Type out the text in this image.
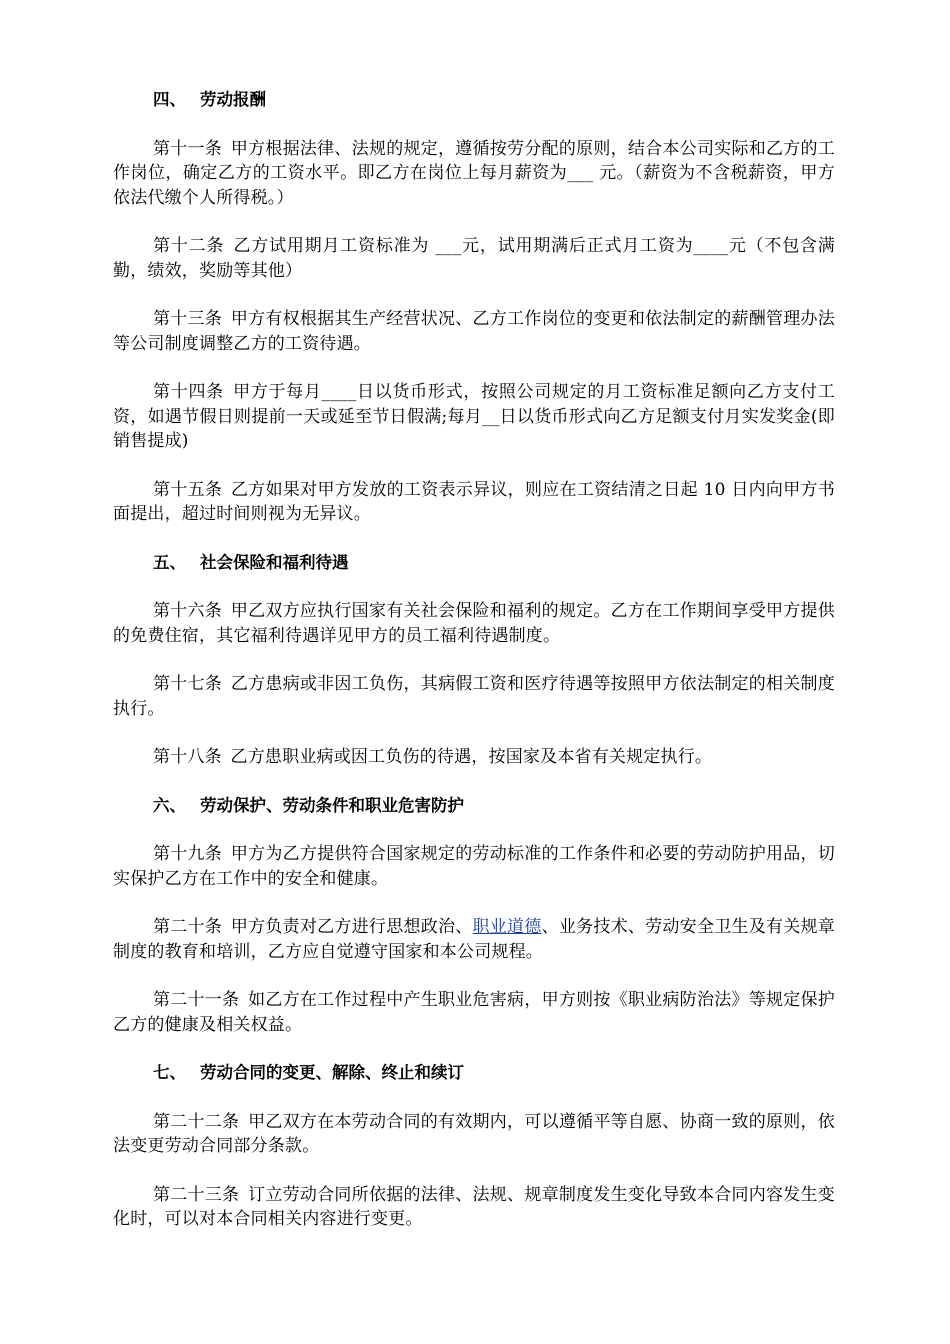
四、 劳动报酬

第十一条  甲方根据法律、法规的规定，遵循按劳分配的原则，结合本公司实际和乙方的工作岗位，确定乙方的工资水平。即乙方在岗位上每月薪资为___ 元。（薪资为不含税薪资，甲方依法代缴个人所得税。）

第十二条  乙方试用期月工资标准为 ___元，试用期满后正式月工资为____元（不包含满勤，绩效，奖励等其他）

第十三条  甲方有权根据其生产经营状况、乙方工作岗位的变更和依法制定的薪酬管理办法等公司制度调整乙方的工资待遇。

第十四条  甲方于每月____日以货币形式，按照公司规定的月工资标准足额向乙方支付工资，如遇节假日则提前一天或延至节日假满;每月__日以货币形式向乙方足额支付月实发奖金(即销售提成)

第十五条  乙方如果对甲方发放的工资表示异议，则应在工资结清之日起 10 日内向甲方书面提出，超过时间则视为无异议。

五、 社会保险和福利待遇

第十六条  甲乙双方应执行国家有关社会保险和福利的规定。乙方在工作期间享受甲方提供的免费住宿，其它福利待遇详见甲方的员工福利待遇制度。

第十七条  乙方患病或非因工负伤，其病假工资和医疗待遇等按照甲方依法制定的相关制度执行。

第十八条  乙方患职业病或因工负伤的待遇，按国家及本省有关规定执行。

六、 劳动保护、劳动条件和职业危害防护

第十九条  甲方为乙方提供符合国家规定的劳动标准的工作条件和必要的劳动防护用品，切实保护乙方在工作中的安全和健康。

第二十条  甲方负责对乙方进行思想政治、职业道德、业务技术、劳动安全卫生及有关规章制度的教育和培训，乙方应自觉遵守国家和本公司规程。

第二十一条  如乙方在工作过程中产生职业危害病，甲方则按《职业病防治法》等规定保护乙方的健康及相关权益。

七、 劳动合同的变更、解除、终止和续订

第二十二条  甲乙双方在本劳动合同的有效期内，可以遵循平等自愿、协商一致的原则，依法变更劳动合同部分条款。

第二十三条  订立劳动合同所依据的法律、法规、规章制度发生变化导致本合同内容发生变化时，可以对本合同相关内容进行变更。
